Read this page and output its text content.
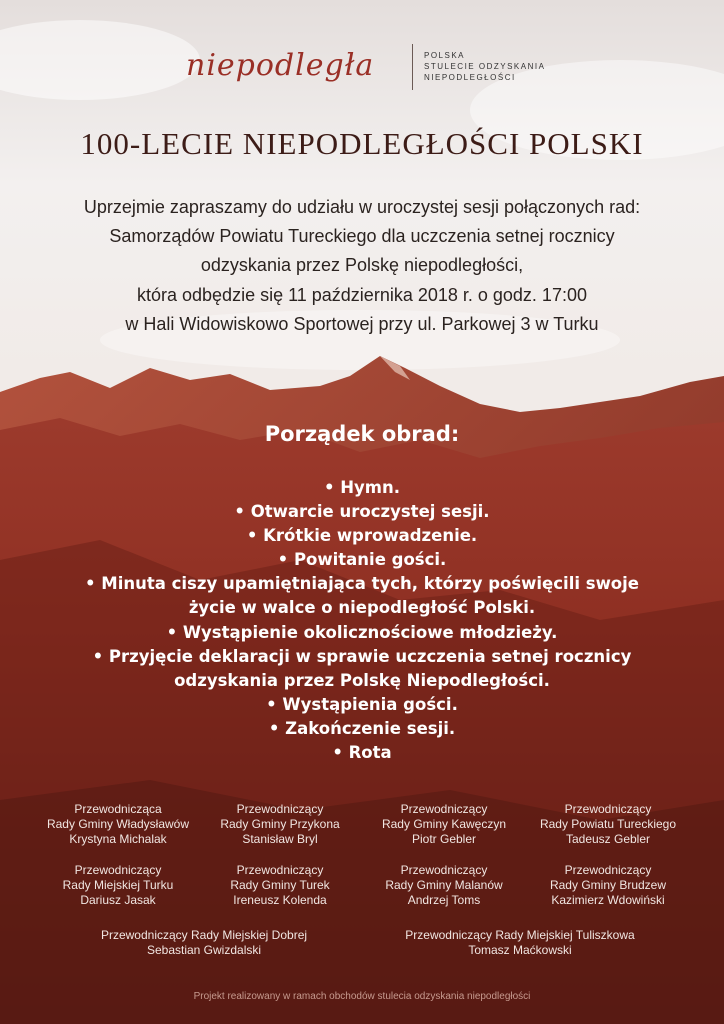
niepodległa	POLSKA
STULECIE ODZYSKANIA
NIEPODLEGŁOŚCI
100-LECIE NIEPODLEGŁOŚCI POLSKI
Uprzejmie zapraszamy do udziału w uroczystej sesji połączonych rad:
Samorządów Powiatu Tureckiego dla uczczenia setnej rocznicy
odzyskania przez Polskę niepodległości,
która odbędzie się 11 października 2018 r. o godz. 17:00
w Hali Widowiskowo Sportowej przy ul. Parkowej 3 w Turku
Porządek obrad:
• Hymn.
• Otwarcie uroczystej sesji.
• Krótkie wprowadzenie.
• Powitanie gości.
• Minuta ciszy upamiętniająca tych, którzy poświęcili swoje
życie w walce o niepodległość Polski.
• Wystąpienie okolicznościowe młodzieży.
• Przyjęcie deklaracji w sprawie uczczenia setnej rocznicy
odzyskania przez Polskę Niepodległości.
• Wystąpienia gości.
• Zakończenie sesji.
• Rota
Przewodnicząca
Rady Gminy Władysławów
Krystyna Michalak
Przewodniczący
Rady Gminy Przykona
Stanisław Bryl
Przewodniczący
Rady Gminy Kawęczyn
Piotr Gebler
Przewodniczący
Rady Powiatu Tureckiego
Tadeusz Gebler
Przewodniczący
Rady Miejskiej Turku
Dariusz Jasak
Przewodniczący
Rady Gminy Turek
Ireneusz Kolenda
Przewodniczący
Rady Gminy Malanów
Andrzej Toms
Przewodniczący
Rady Gminy Brudzew
Kazimierz Wdowiński
Przewodniczący Rady Miejskiej Dobrej
Sebastian Gwizdalski
Przewodniczący Rady Miejskiej Tuliszkowa
Tomasz Maćkowski
Projekt realizowany w ramach obchodów stulecia odzyskania niepodległości
